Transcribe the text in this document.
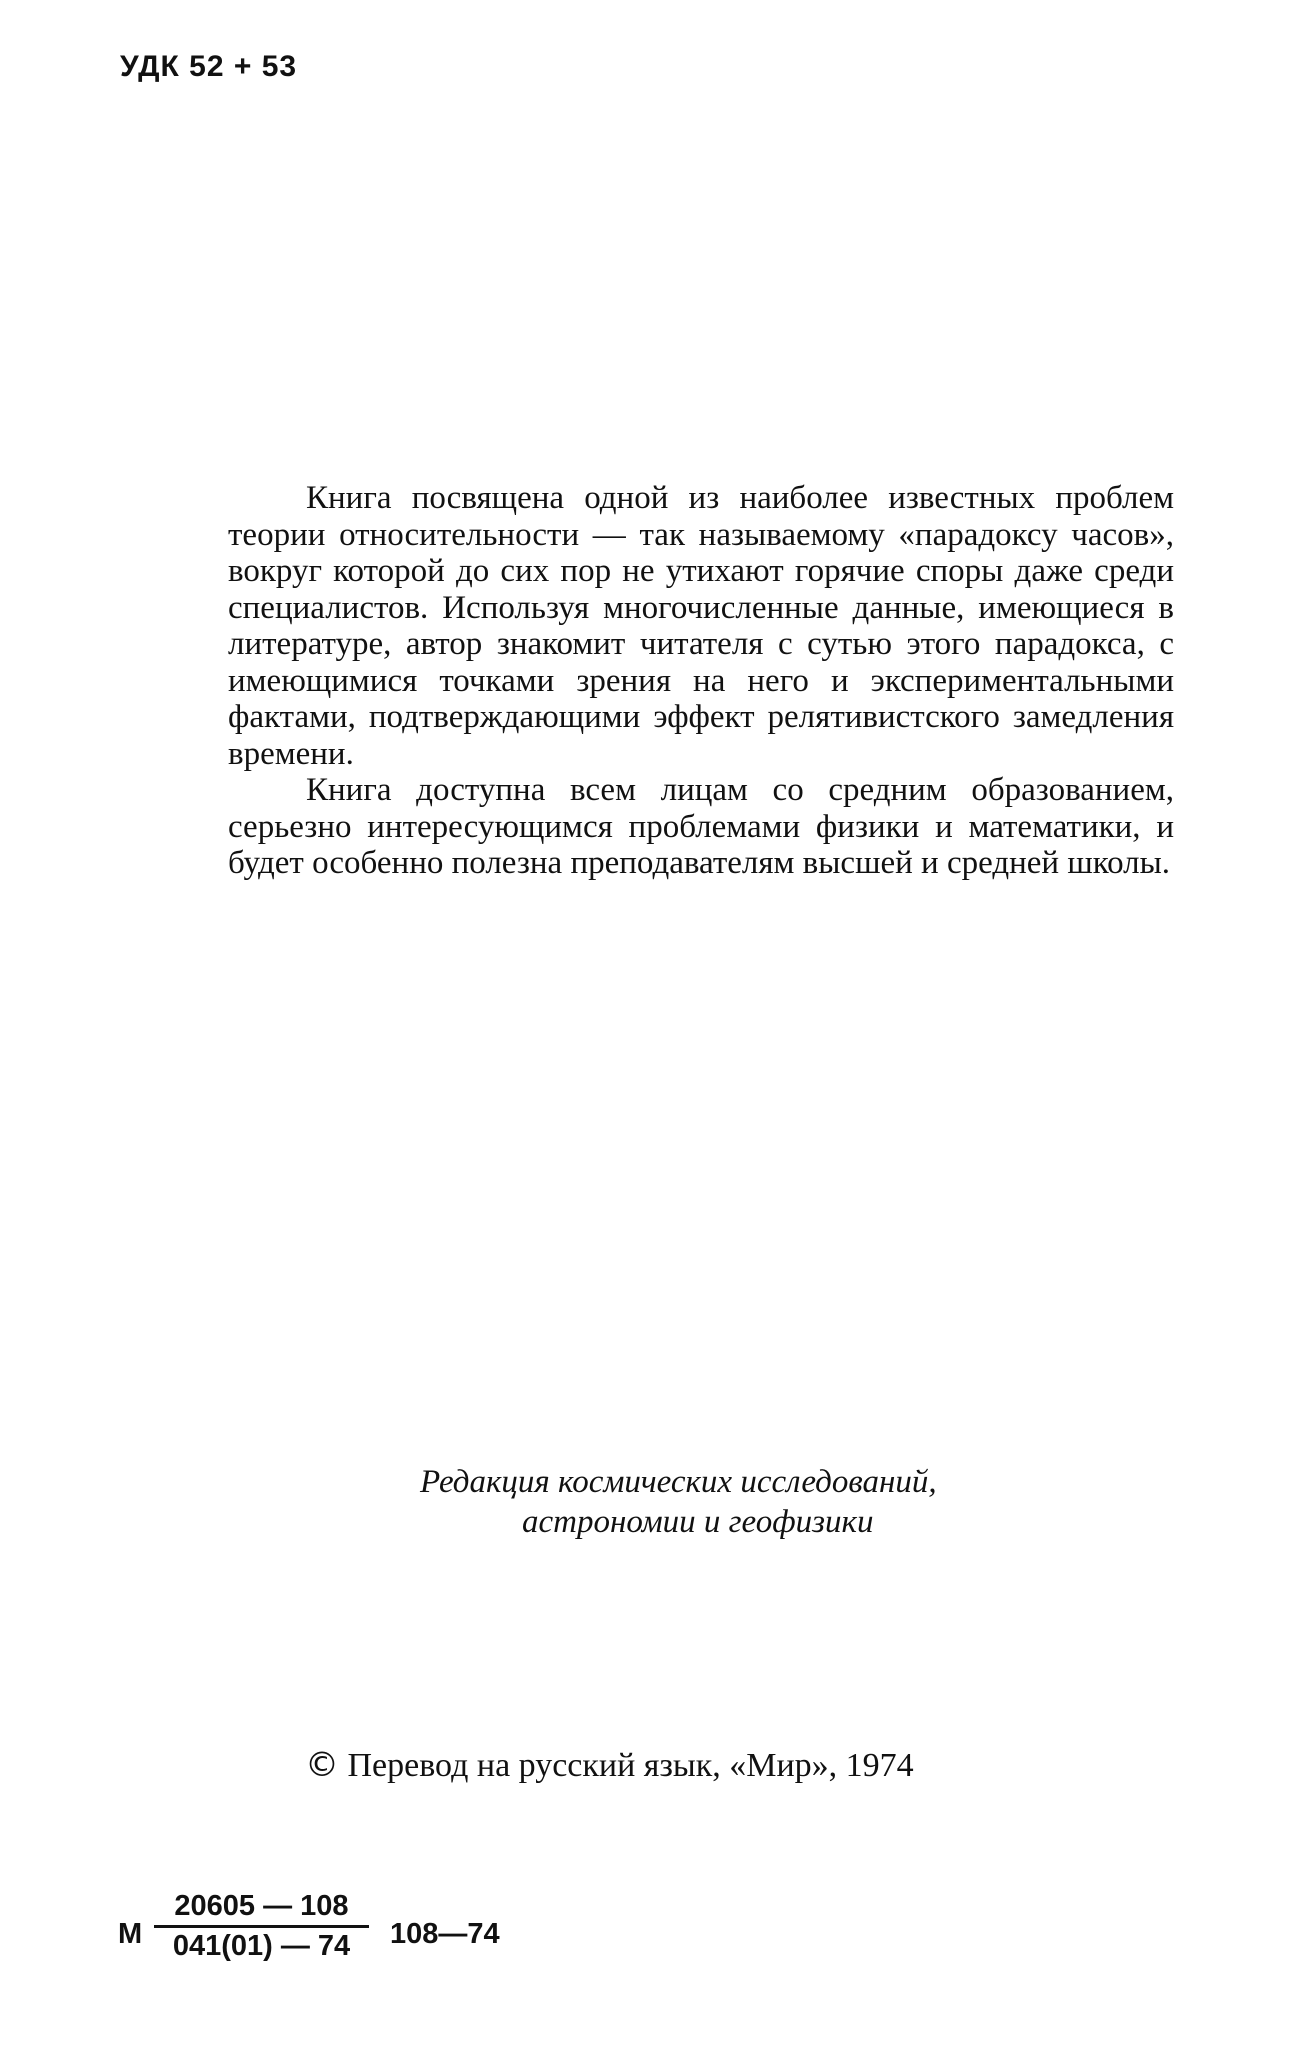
УДК 52 + 53

Книга посвящена одной из наиболее известных проблем теории относительности — так называемому «парадоксу часов», вокруг которой до сих пор не утихают горячие споры даже среди специалистов. Используя многочисленные данные, имеющиеся в литературе, автор знакомит читателя с сутью этого парадокса, с имеющимися точками зрения на него и экспериментальными фактами, подтверждающими эффект релятивистского замедления времени.

Книга доступна всем лицам со средним образованием, серьезно интересующимся проблемами физики и математики, и будет особенно полезна преподавателям высшей и средней школы.

Редакция космических исследований,
астрономии и геофизики
© Перевод на русский язык, «Мир», 1974
М $\frac{20605 — 108}{041(01) — 74}$ 108—74
